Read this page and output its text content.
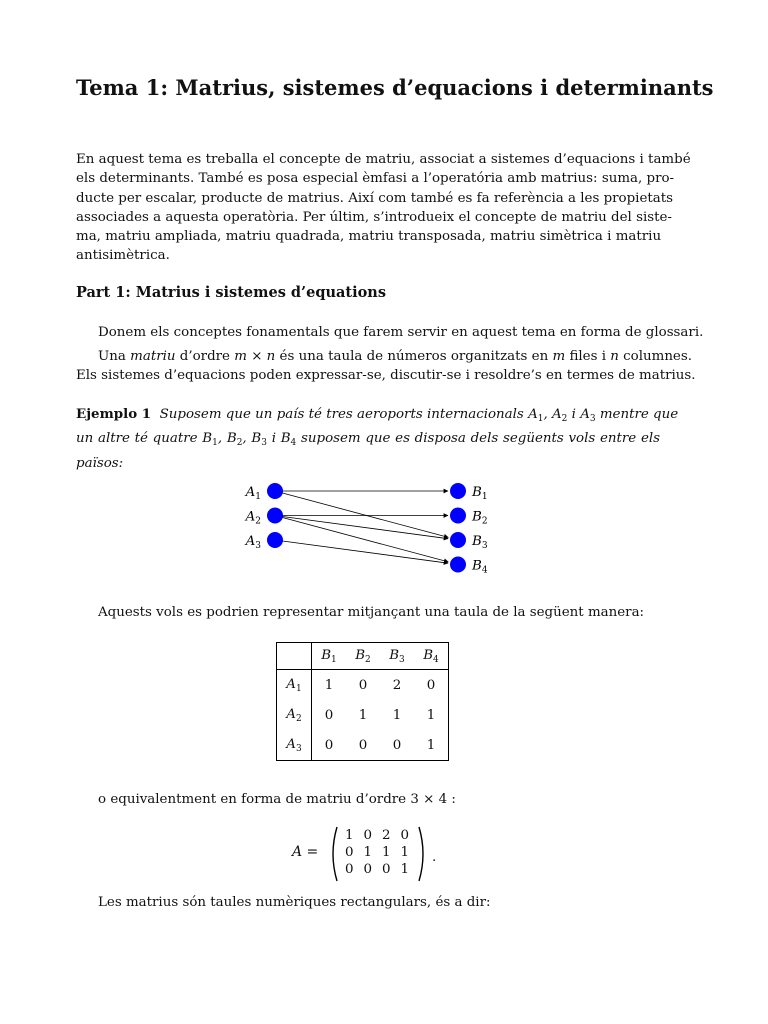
Tema 1: Matrius, sistemes d’equacions i determinants
En aquest tema es treballa el concepte de matriu, associat a sistemes d’equacions i també
els determinants. També es posa especial èmfasi a l’operatória amb matrius: suma, pro-
ducte per escalar, producte de matrius. Així com també es fa referència a les propietats
associades a aquesta operatòria. Per últim, s’introdueix el concepte de matriu del siste-
ma, matriu ampliada, matriu quadrada, matriu transposada, matriu simètrica i matriu
antisimètrica.
Part 1: Matrius i sistemes d’equations
Donem els conceptes fonamentals que farem servir en aquest tema en forma de glossari.
Una matriu d’ordre m × n és una taula de números organitzats en m files i n columnes.
Els sistemes d’equacions poden expressar-se, discutir-se i resoldre’s en termes de matrius.
Ejemplo 1 Suposem que un país té tres aeroports internacionals $A_1$, $A_2$ i $A_3$ mentre que
un altre té quatre $B_1$, $B_2$, $B_3$ i $B_4$ suposem que es disposa dels següents vols entre els
països:
$A_1$
$A_2$
$A_3$
$B_1$
$B_2$
$B_3$
$B_4$
Aquests vols es podrien representar mitjançant una taula de la següent manera:
	$B_1$	$B_2$	$B_3$	$B_4$
$A_1$	1	0	2	0
$A_2$	0	1	1	1
$A_3$	0	0	0	1
o equivalentment en forma de matriu d’ordre 3 × 4 :
A =
1 0 2 0
0 1 1 1
0 0 0 1
.
Les matrius són taules numèriques rectangulars, és a dir:
